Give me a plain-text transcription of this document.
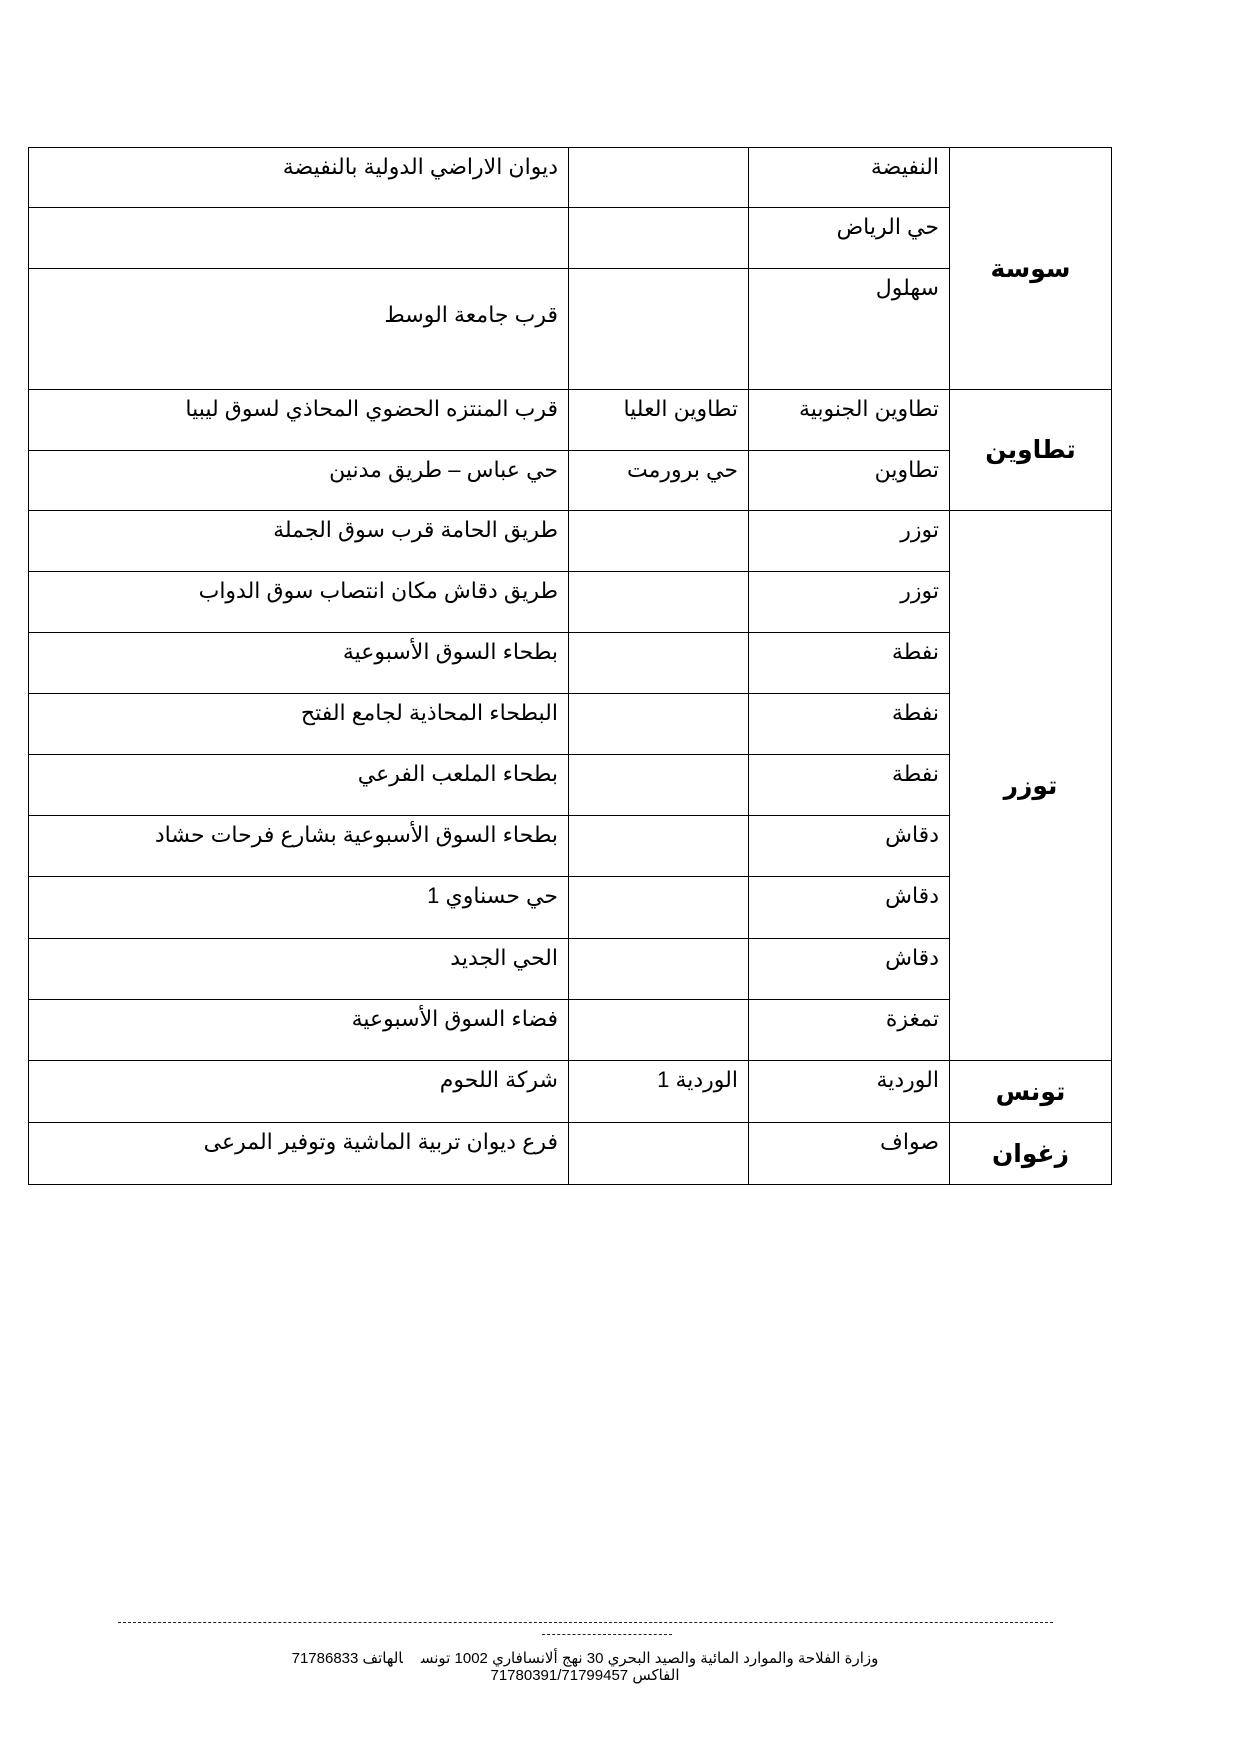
سوسة	النفيضة		ديوان الاراضي الدولية بالنفيضة

	حي الرياض		

	سهلول		قرب جامعة الوسط

تطاوين	تطاوين الجنوبية	تطاوين العليا	قرب المنتزه الحضوي المحاذي لسوق ليبيا

	تطاوين	حي برورمت	حي عباس – طريق مدنين

توزر	توزر		طريق الحامة قرب سوق الجملة

	توزر		طريق دقاش مكان انتصاب سوق الدواب

	نفطة		بطحاء السوق الأسبوعية

	نفطة		البطحاء المحاذية لجامع الفتح

	نفطة		بطحاء الملعب الفرعي

	دقاش		بطحاء السوق الأسبوعية بشارع فرحات حشاد

	دقاش		حي حسناوي 1

	دقاش		الحي الجديد

	تمغزة		فضاء السوق الأسبوعية

تونس	الوردية	الوردية 1	شركة اللحوم

زغوان	صواف		فرع ديوان تربية الماشية وتوفير المرعى
وزارة الفلاحة والموارد المائية والصيد البحري 30 نهج ألانسافاري 1002 تونسالهاتف 71786833
الفاكس 71780391/71799457
